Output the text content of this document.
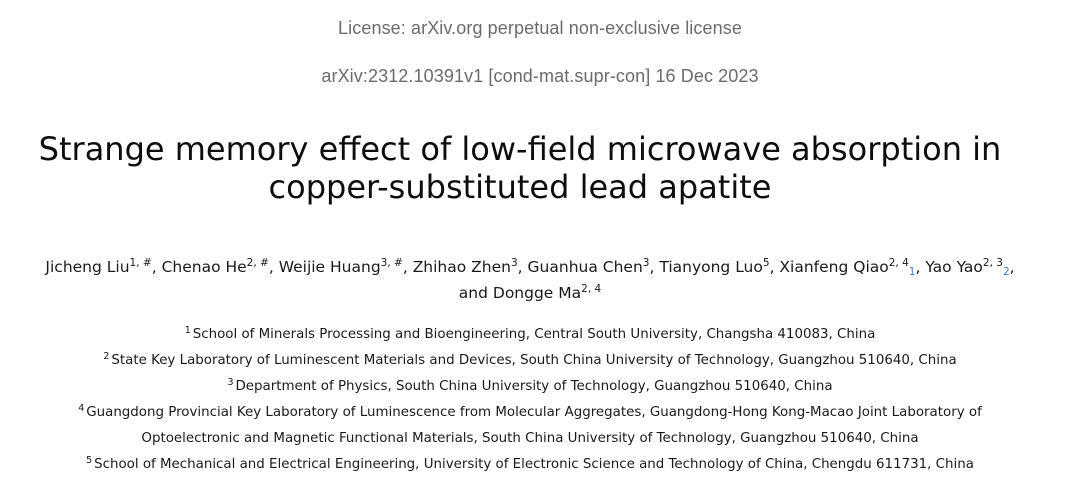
License: arXiv.org perpetual non-exclusive license
arXiv:2312.10391v1 [cond-mat.supr-con] 16 Dec 2023
Strange memory effect of low-field microwave absorption in
copper-substituted lead apatite
Jicheng Liu$^{1, \#}$, Chenao $He^{2, \#}$, Weijie Huang$^{3, \#}$, Zhihao Zhen$^3$, Guanhua Chen$^3$, Tianyong Luo$^5$, Xianfeng Qiao$^{2, 4}_1$, Yao Yao$^{2, 3}_2$,
and Dongge Ma$^{2, 4}$
$^1$ School of Minerals Processing and Bioengineering, Central South University, Changsha 410083, China
$^2$ State Key Laboratory of Luminescent Materials and Devices, South China University of Technology, Guangzhou 510640, China
$^3$ Department of Physics, South China University of Technology, Guangzhou 510640, China
$^4$ Guangdong Provincial Key Laboratory of Luminescence from Molecular Aggregates, Guangdong-Hong Kong-Macao Joint Laboratory of
Optoelectronic and Magnetic Functional Materials, South China University of Technology, Guangzhou 510640, China
$^5$ School of Mechanical and Electrical Engineering, University of Electronic Science and Technology of China, Chengdu 611731, China
